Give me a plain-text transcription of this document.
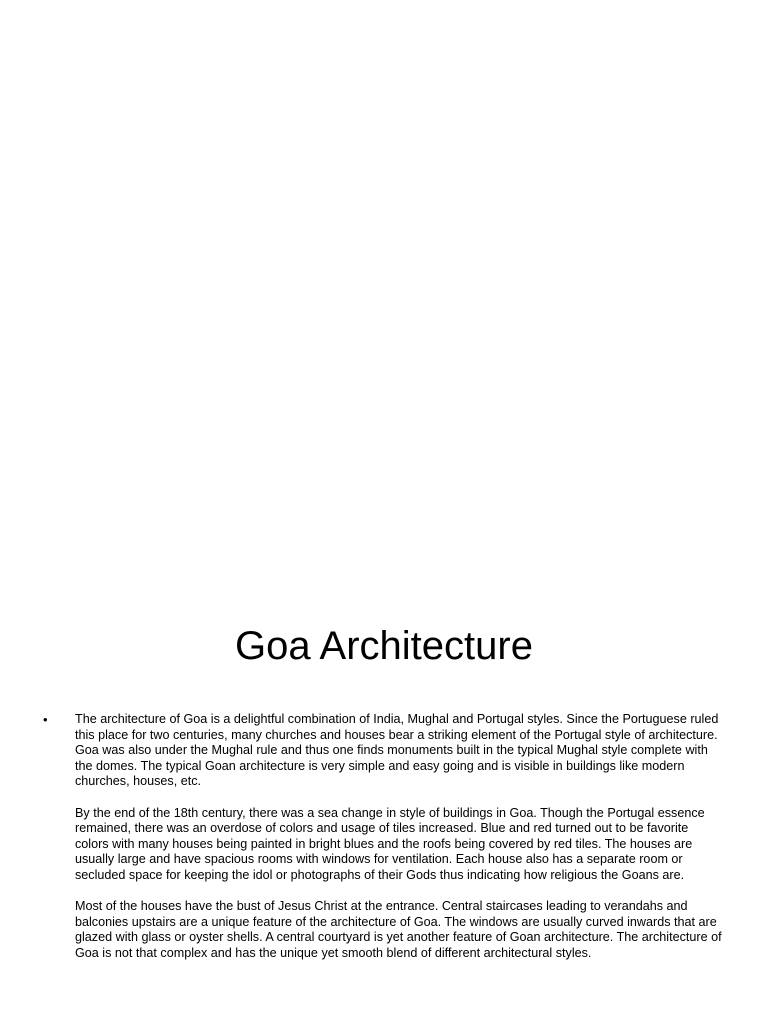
Goa Architecture
• The architecture of Goa is a delightful combination of India, Mughal and Portugal styles. Since the Portuguese ruled this place for two centuries, many churches and houses bear a striking element of the Portugal style of architecture. Goa was also under the Mughal rule and thus one finds monuments built in the typical Mughal style complete with the domes. The typical Goan architecture is very simple and easy going and is visible in buildings like modern churches, houses, etc.

By the end of the 18th century, there was a sea change in style of buildings in Goa. Though the Portugal essence remained, there was an overdose of colors and usage of tiles increased. Blue and red turned out to be favorite colors with many houses being painted in bright blues and the roofs being covered by red tiles. The houses are usually large and have spacious rooms with windows for ventilation. Each house also has a separate room or secluded space for keeping the idol or photographs of their Gods thus indicating how religious the Goans are.

Most of the houses have the bust of Jesus Christ at the entrance. Central staircases leading to verandahs and balconies upstairs are a unique feature of the architecture of Goa. The windows are usually curved inwards that are glazed with glass or oyster shells. A central courtyard is yet another feature of Goan architecture. The architecture of Goa is not that complex and has the unique yet smooth blend of different architectural styles.
